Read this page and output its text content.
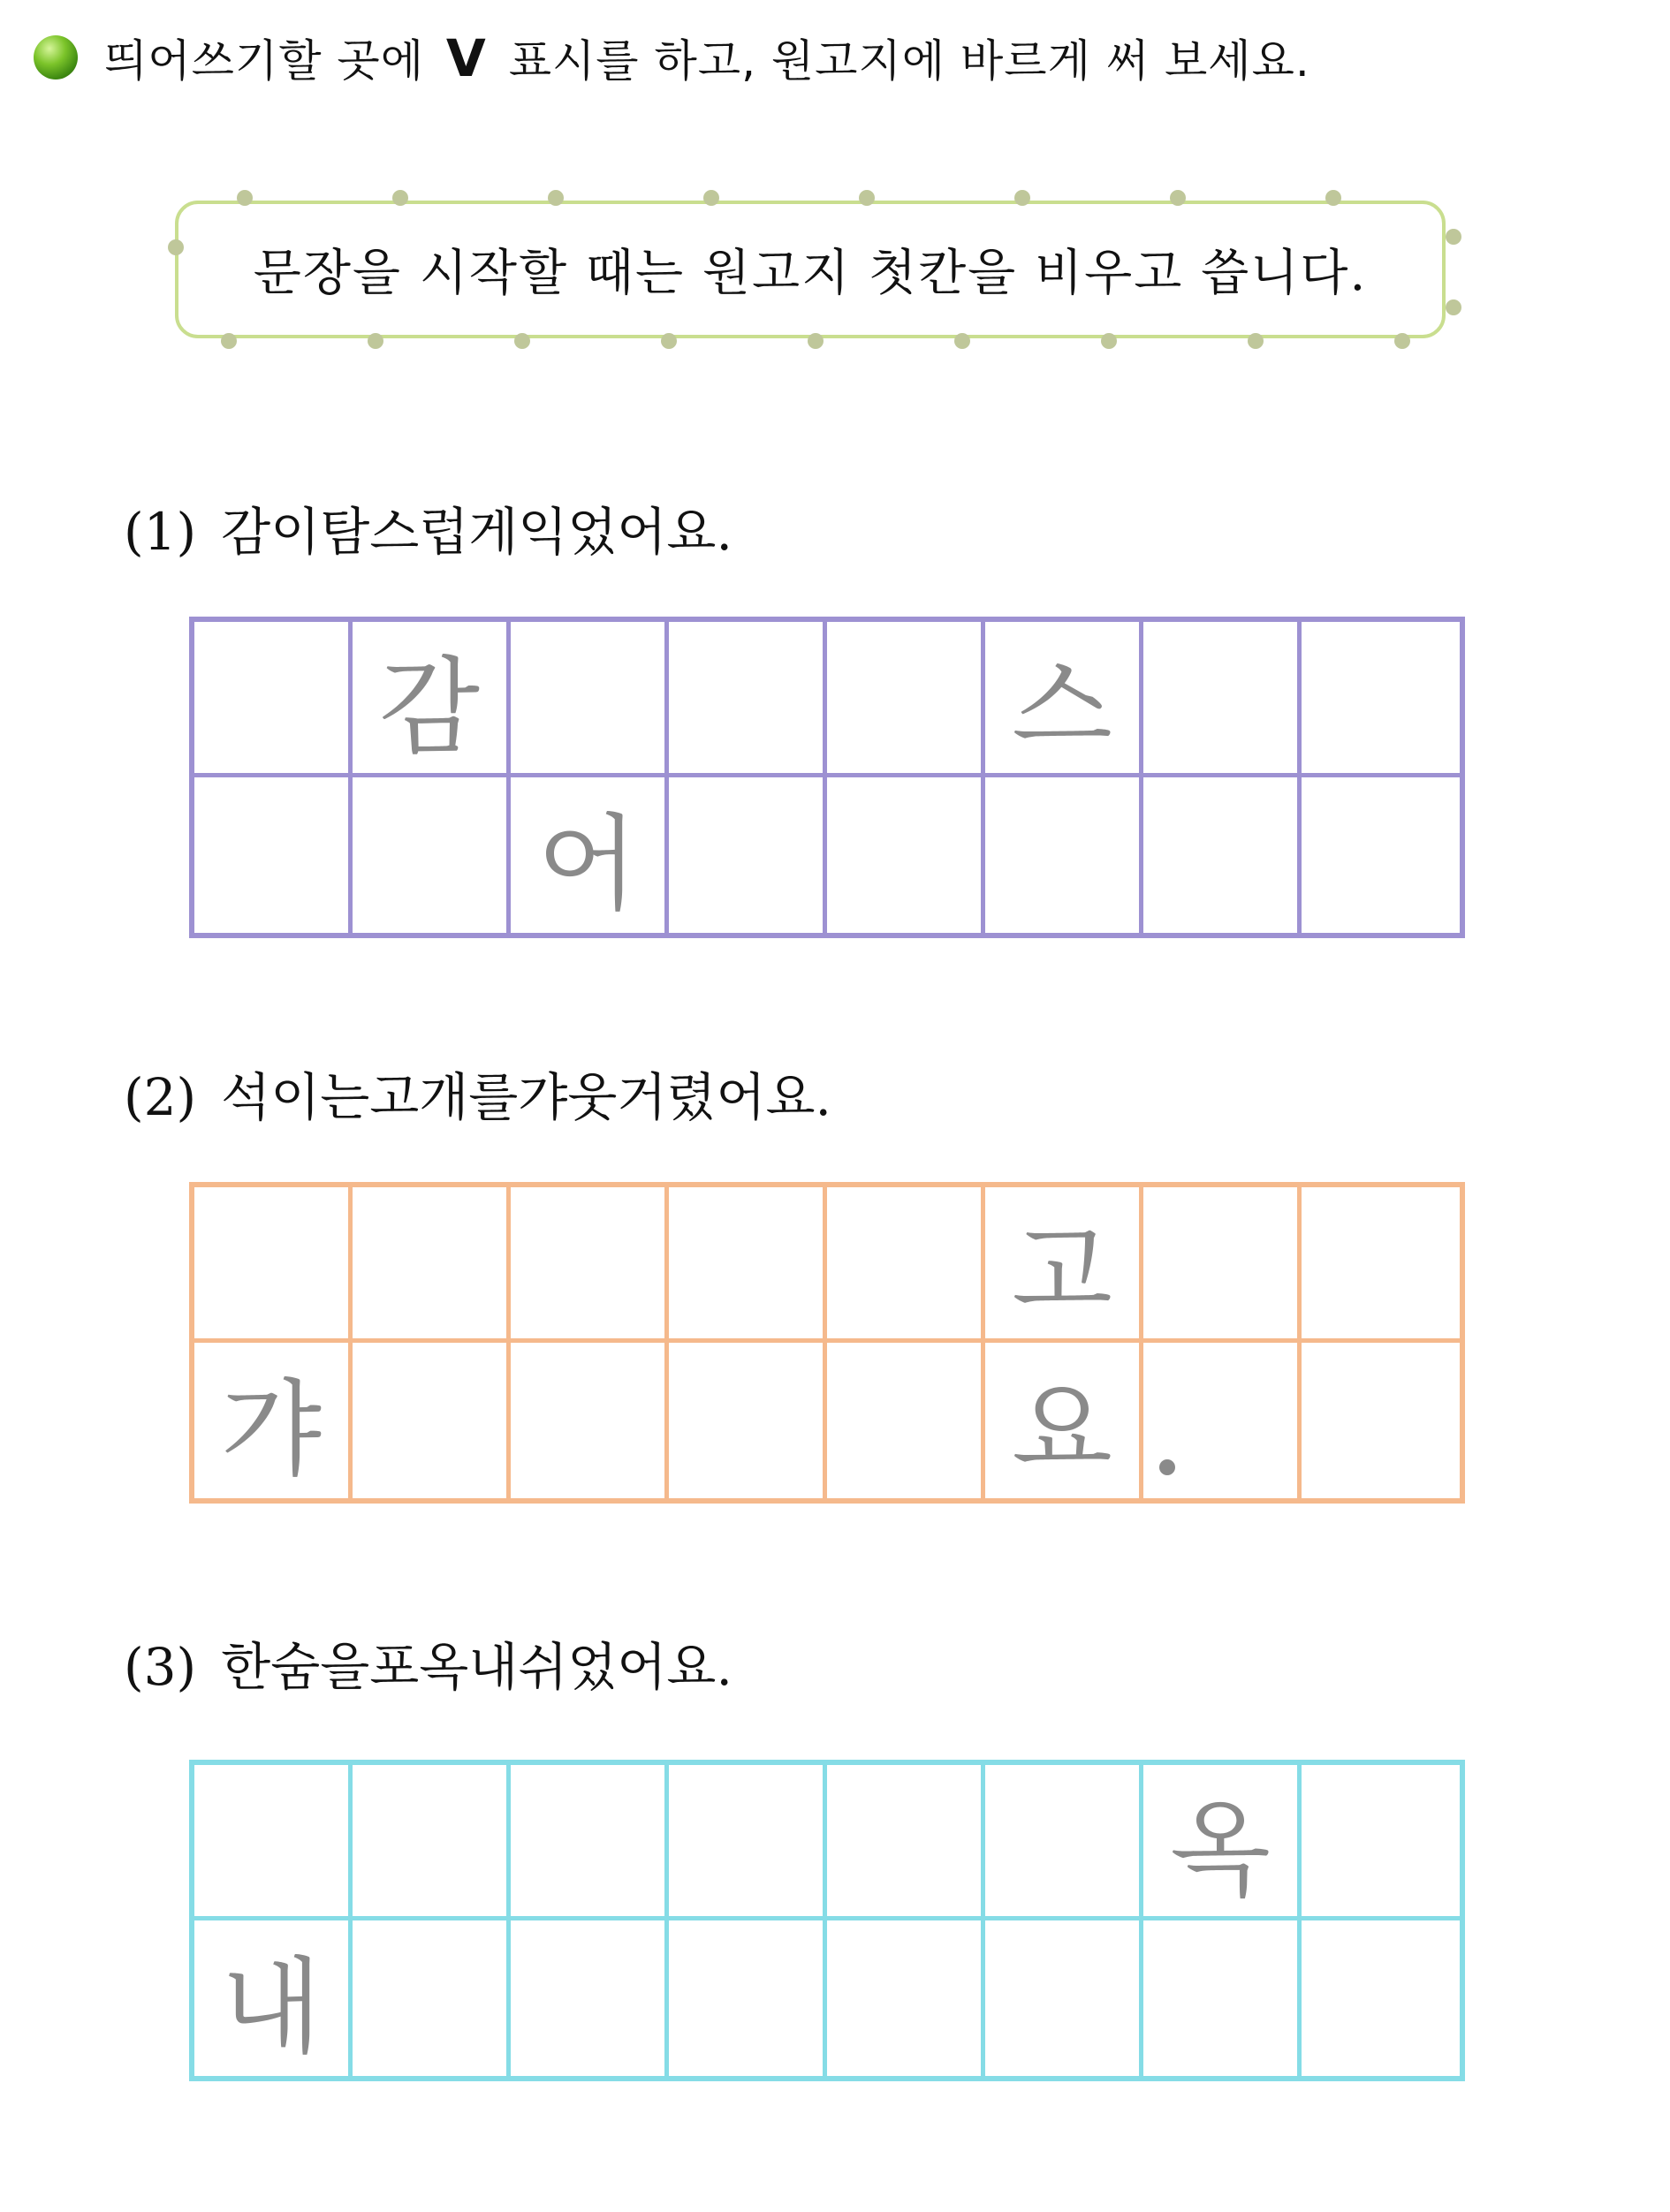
띄어쓰기할 곳에 V 표시를 하고, 원고지에 바르게 써 보세요.
문장을 시작할 때는 원고지 첫칸을 비우고 씁니다.
(1) 감이탐스럽게익었어요.
감	스
어
(2) 석이는고개를갸웃거렸어요.
고
갸	요
(3) 한숨을포옥내쉬었어요.
옥
내
